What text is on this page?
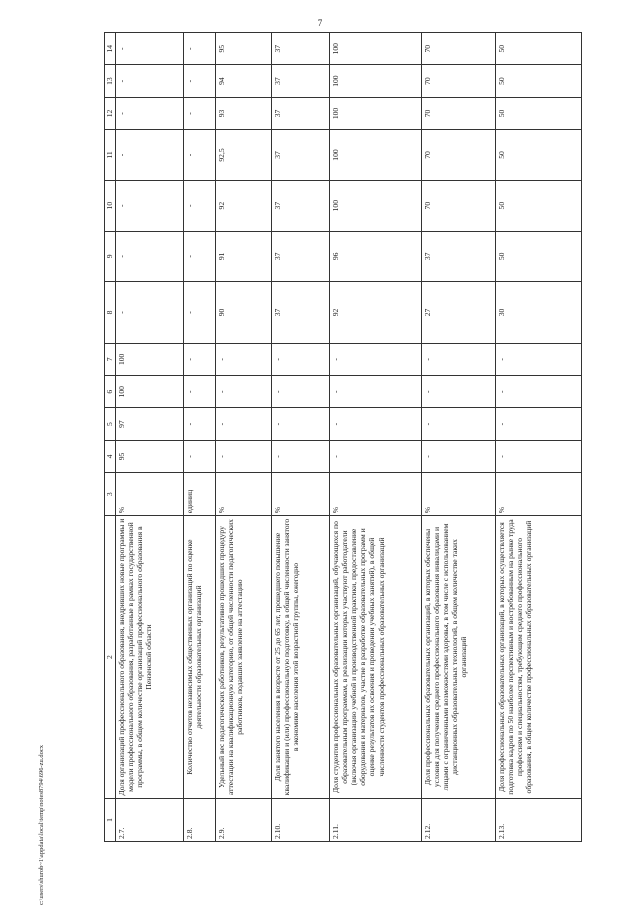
7
1	2	3	4	5	6	7	8	9	10	11	12	13	14
2.7.	Доля организаций профессионального образования, внедривших новые программы и модели профессионального образования, разработанные в рамках государственной программы, в общем количестве организаций профессионального образования в Пензенской области	%	95	97	100	100	-	-	-	-	-	-	-
2.8.	Количество отчетов независимых общественных организаций по оценке деятельности образовательных организаций	единиц	-	-	-	-	-	-	-	-	-	-	-
2.9.	Удельный вес педагогических работников, результативно прошедших процедуру аттестации на квалификационную категорию, от общей численности педагогических работников, подавших заявление на аттестацию	%	-	-	-	-	90	91	92	92,5	93	94	95
2.10.	Доля занятого населения в возрасте от 25 до 65 лет, прошедшего повышение квалификации и (или) профессиональную подготовку, в общей численности занятого в экономике населения этой возрастной группы, ежегодно	%	-	-	-	-	37	37	37	37	37	37	37
2.11.	Доля студентов профессиональных образовательных организаций, обучающихся по образовательным программам, в реализации которых участвуют работодатели (включая организацию учебной и производственной практики, предоставление оборудования и материалов, участие в разработке образовательных программ и оценке результатов их освоения и проведении учебных занятий), в общей численности студентов профессиональных образовательных организаций	%	-	-	-	-	92	96	100	100	100	100	100
2.12.	Доля профессиональных образовательных организаций, в которых обеспечены условия для получения среднего профессионального образования инвалидами и лицами с ограниченными возможностями здоровья, в том числе с использованием дистанционных образовательных технологий, в общем количестве таких организаций	%	-	-	-	-	27	37	70	70	70	70	70
2.13.	Доля профессиональных образовательных организаций, в которых осуществляется подготовка кадров по 50 наиболее перспективным и востребованным на рынке труда профессиям и специальностям, требующим среднего профессионального образования, в общем количестве профессиональных образовательных организаций	%	-	-	-	-	30	50	50	50	50	50	50
c:\users\shurob~1\appdata\local\temp\notes8794\696-zu.docx
